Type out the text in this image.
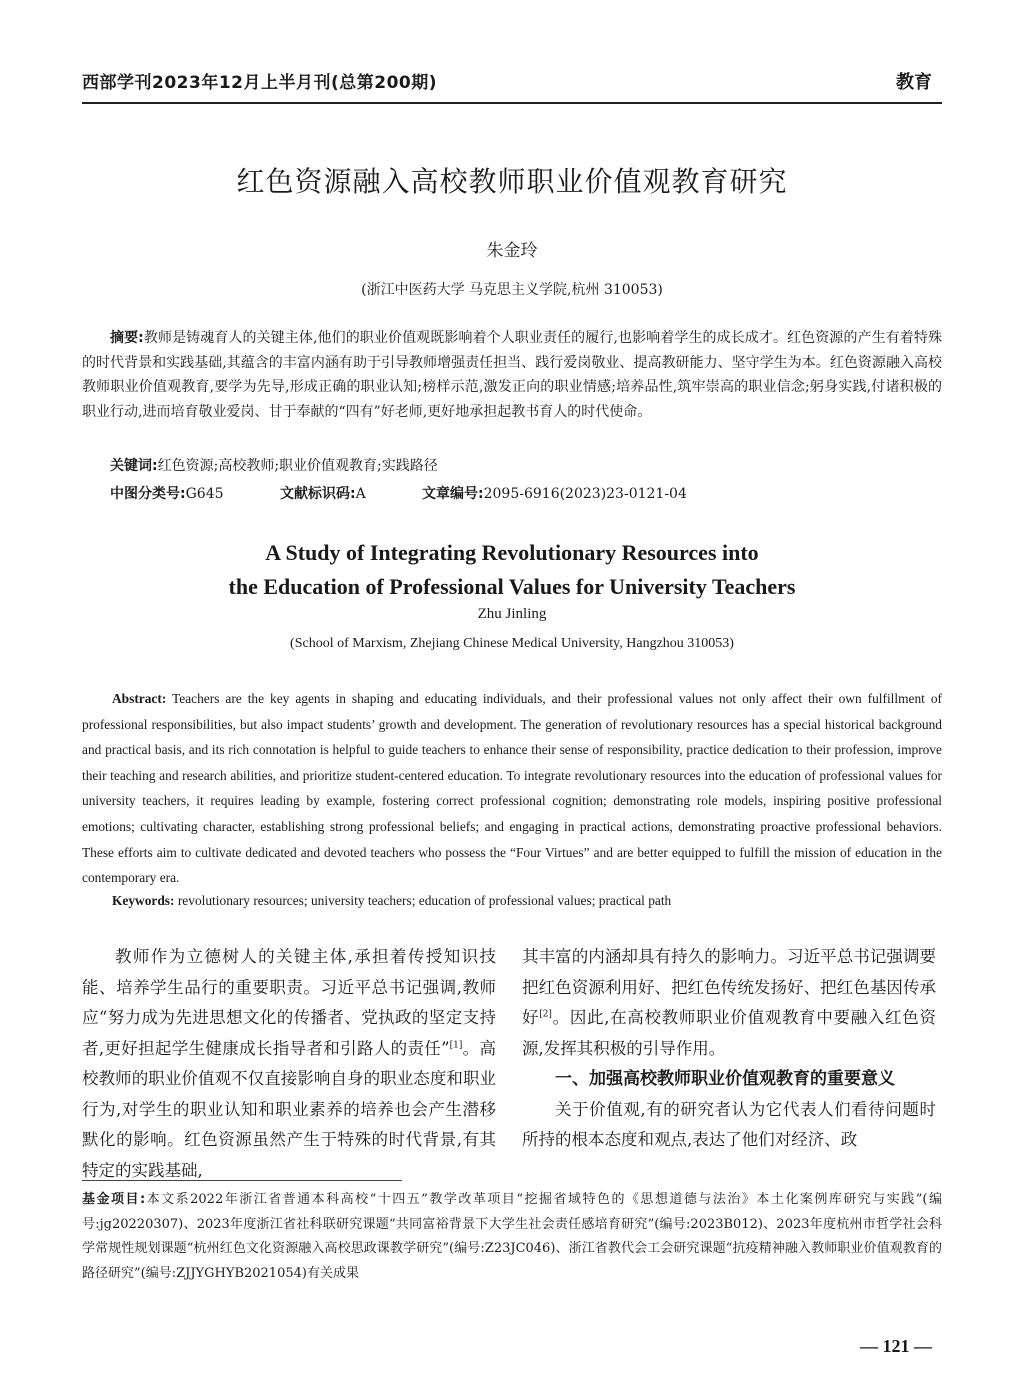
西部学刊2023年12月上半月刊(总第200期)	教育
红色资源融入高校教师职业价值观教育研究
朱金玲
(浙江中医药大学 马克思主义学院,杭州 310053)
摘要:教师是铸魂育人的关键主体,他们的职业价值观既影响着个人职业责任的履行,也影响着学生的成长成才。红色资源的产生有着特殊的时代背景和实践基础,其蕴含的丰富内涵有助于引导教师增强责任担当、践行爱岗敬业、提高教研能力、坚守学生为本。红色资源融入高校教师职业价值观教育,要学为先导,形成正确的职业认知;榜样示范,激发正向的职业情感;培养品性,筑牢崇高的职业信念;躬身实践,付诸积极的职业行动,进而培育敬业爱岗、甘于奉献的“四有”好老师,更好地承担起教书育人的时代使命。
关键词:红色资源;高校教师;职业价值观教育;实践路径
中图分类号:G645	文献标识码:A	文章编号:2095-6916(2023)23-0121-04
A Study of Integrating Revolutionary Resources into
the Education of Professional Values for University Teachers
Zhu Jinling
(School of Marxism, Zhejiang Chinese Medical University, Hangzhou 310053)
Abstract: Teachers are the key agents in shaping and educating individuals, and their professional values not only affect their own fulfillment of professional responsibilities, but also impact students’ growth and development. The generation of revolutionary resources has a special historical background and practical basis, and its rich connotation is helpful to guide teachers to enhance their sense of responsibility, practice dedication to their profession, improve their teaching and research abilities, and prioritize student-centered education. To integrate revolutionary resources into the education of professional values for university teachers, it requires leading by example, fostering correct professional cognition; demonstrating role models, inspiring positive professional emotions; cultivating character, establishing strong professional beliefs; and engaging in practical actions, demonstrating proactive professional behaviors. These efforts aim to cultivate dedicated and devoted teachers who possess the “Four Virtues” and are better equipped to fulfill the mission of education in the contemporary era.
Keywords: revolutionary resources; university teachers; education of professional values; practical path

教师作为立德树人的关键主体,承担着传授知识技能、培养学生品行的重要职责。习近平总书记强调,教师应“努力成为先进思想文化的传播者、党执政的坚定支持者,更好担起学生健康成长指导者和引路人的责任”[1]。高校教师的职业价值观不仅直接影响自身的职业态度和职业行为,对学生的职业认知和职业素养的培养也会产生潜移默化的影响。红色资源虽然产生于特殊的时代背景,有其特定的实践基础,

其丰富的内涵却具有持久的影响力。习近平总书记强调要把红色资源利用好、把红色传统发扬好、把红色基因传承好[2]。因此,在高校教师职业价值观教育中要融入红色资源,发挥其积极的引导作用。

一、加强高校教师职业价值观教育的重要意义

关于价值观,有的研究者认为它代表人们看待问题时所持的根本态度和观点,表达了他们对经济、政

基金项目:本文系2022年浙江省普通本科高校“十四五”教学改革项目“挖掘省域特色的《思想道德与法治》本土化案例库研究与实践”(编号:jg20220307)、2023年度浙江省社科联研究课题“共同富裕背景下大学生社会责任感培育研究”(编号:2023B012)、2023年度杭州市哲学社会科学常规性规划课题“杭州红色文化资源融入高校思政课教学研究”(编号:Z23JC046)、浙江省教代会工会研究课题“抗疫精神融入教师职业价值观教育的路径研究”(编号:ZJJYGHYB2021054)有关成果
— 121 —
